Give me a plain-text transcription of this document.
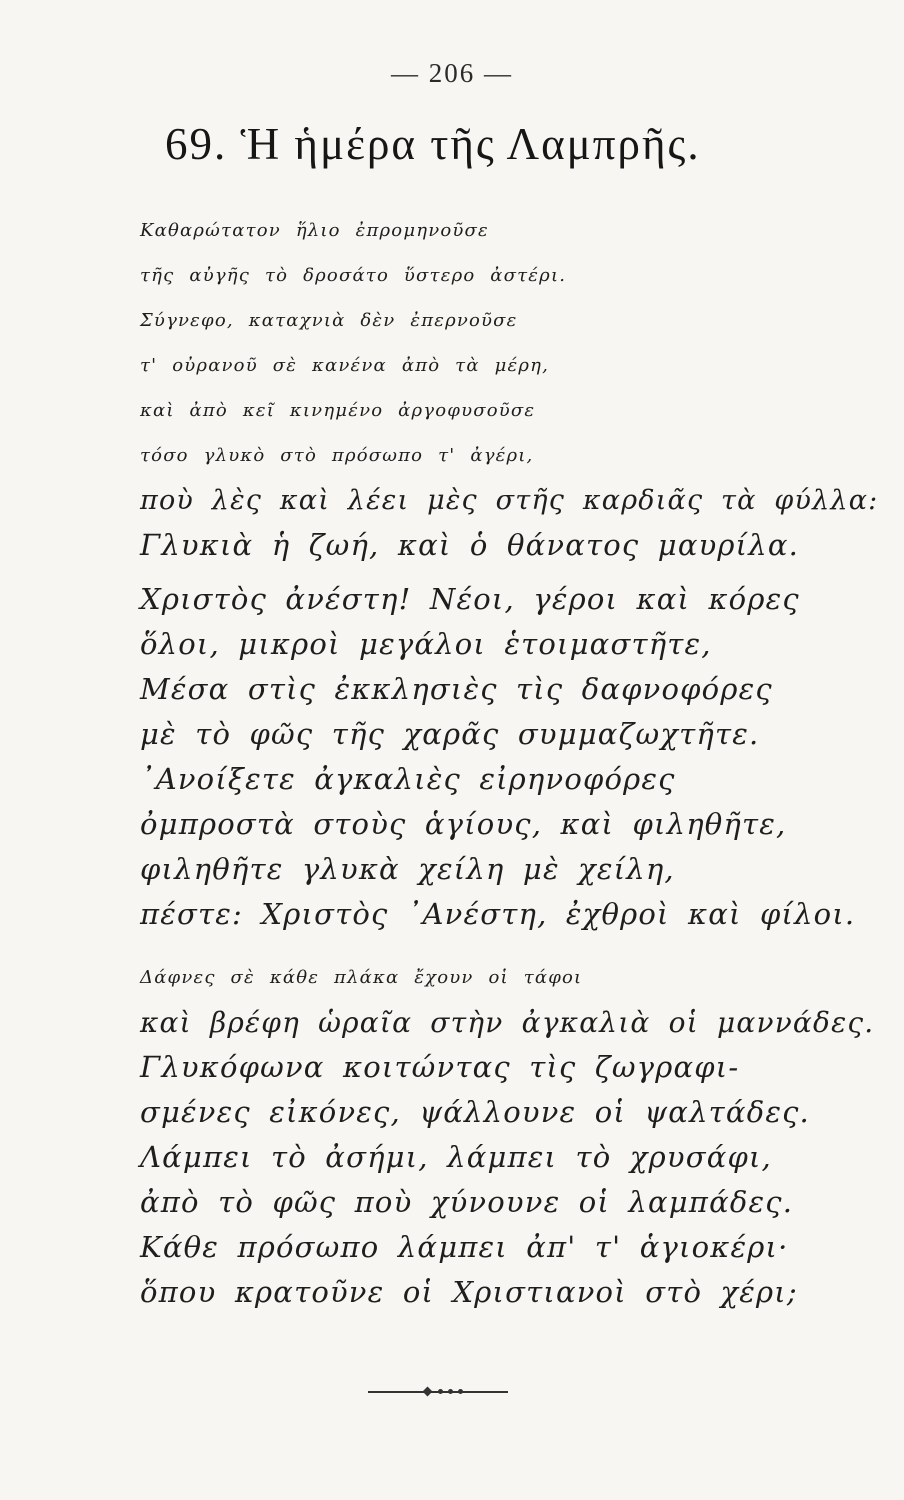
— 206 —
69. Ἡ ἡμέρα τῆς Λαμπρῆς.
Καθαρώτατον ἥλιο ἐπρομηνοῦσε
τῆς αὐγῆς τὸ δροσάτο ὕστερο ἀστέρι.
Σύγνεφο, καταχνιὰ δὲν ἐπερνοῦσε
τ' οὐρανοῦ σὲ κανένα ἀπὸ τὰ μέρη,
καὶ ἀπὸ κεῖ κινημένο ἀργοφυσοῦσε
τόσο γλυκὸ στὸ πρόσωπο τ' ἀγέρι,
ποὺ λὲς καὶ λέει μὲς στῆς καρδιᾶς τὰ φύλλα:
Γλυκιὰ ἡ ζωή, καὶ ὁ θάνατος μαυρίλα.
Χριστὸς ἀνέστη! Νέοι, γέροι καὶ κόρες
ὅλοι, μικροὶ μεγάλοι ἑτοιμαστῆτε,
Μέσα στὶς ἐκκλησιὲς τὶς δαφνοφόρες
μὲ τὸ φῶς τῆς χαρᾶς συμμαζωχτῆτε.
᾿Ανοίξετε ἀγκαλιὲς εἰρηνοφόρες
ὀμπροστὰ στοὺς ἁγίους, καὶ φιληθῆτε,
φιληθῆτε γλυκὰ χείλη μὲ χείλη,
πέστε: Χριστὸς ᾿Ανέστη, ἐχθροὶ καὶ φίλοι.
Δάφνες σὲ κάθε πλάκα ἔχουν οἱ τάφοι
καὶ βρέφη ὡραῖα στὴν ἀγκαλιὰ οἱ μαννάδες.
Γλυκόφωνα κοιτώντας τὶς ζωγραφι-
σμένες εἰκόνες, ψάλλουνε οἱ ψαλτάδες.
Λάμπει τὸ ἀσήμι, λάμπει τὸ χρυσάφι,
ἀπὸ τὸ φῶς ποὺ χύνουνε οἱ λαμπάδες.
Κάθε πρόσωπο λάμπει ἀπ' τ' ἁγιοκέρι·
ὅπου κρατοῦνε οἱ Χριστιανοὶ στὸ χέρι;
